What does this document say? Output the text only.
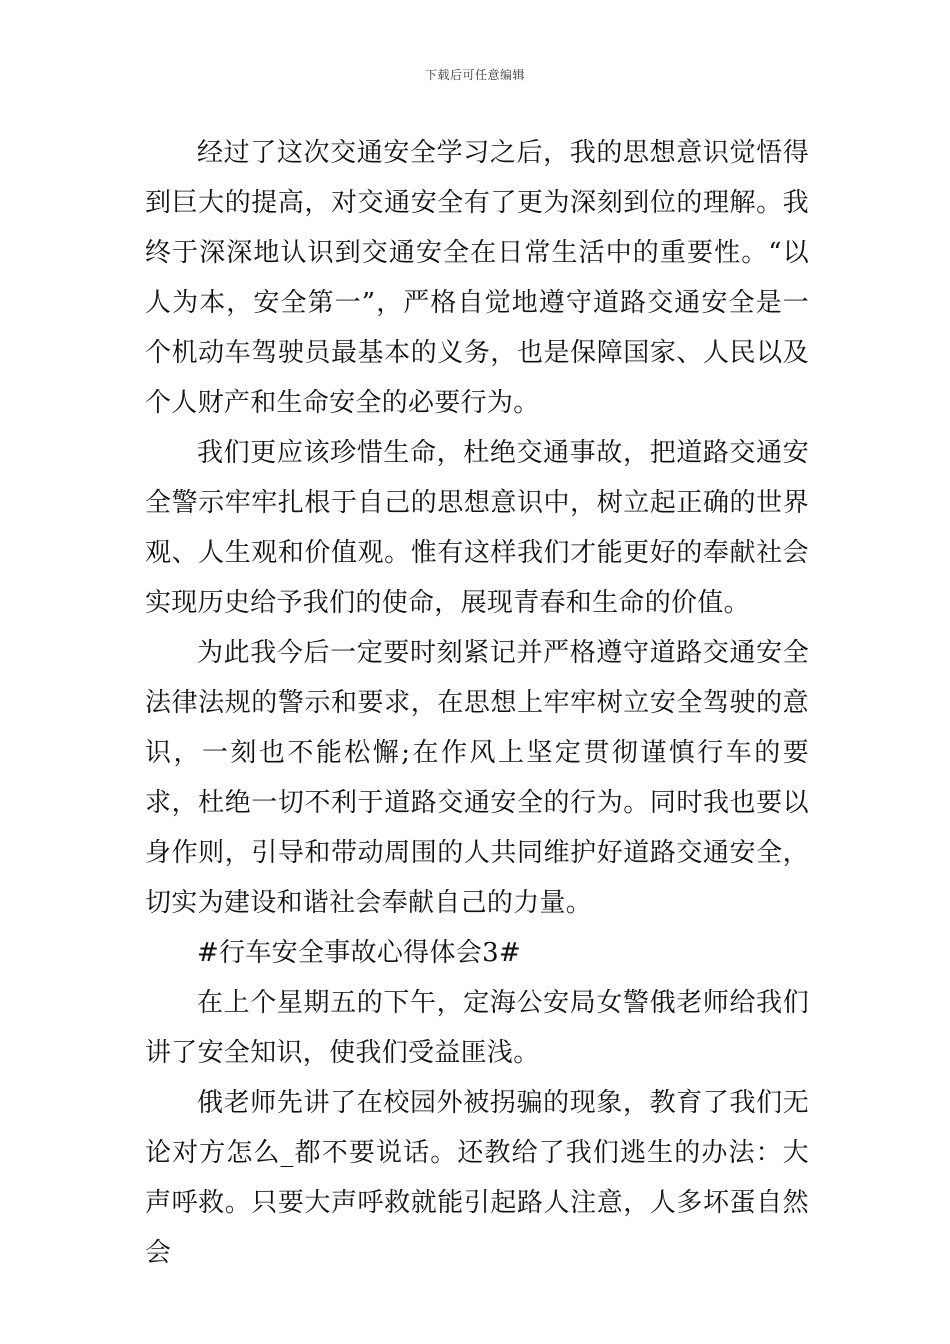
下载后可任意编辑

经过了这次交通安全学习之后，我的思想意识觉悟得到巨大的提高，对交通安全有了更为深刻到位的理解。我终于深深地认识到交通安全在日常生活中的重要性。“以人为本，安全第一”，严格自觉地遵守道路交通安全是一个机动车驾驶员最基本的义务，也是保障国家、人民以及个人财产和生命安全的必要行为。

我们更应该珍惜生命，杜绝交通事故，把道路交通安全警示牢牢扎根于自己的思想意识中，树立起正确的世界观、人生观和价值观。惟有这样我们才能更好的奉献社会实现历史给予我们的使命，展现青春和生命的价值。

为此我今后一定要时刻紧记并严格遵守道路交通安全法律法规的警示和要求，在思想上牢牢树立安全驾驶的意识，一刻也不能松懈;在作风上坚定贯彻谨慎行车的要求，杜绝一切不利于道路交通安全的行为。同时我也要以身作则，引导和带动周围的人共同维护好道路交通安全，切实为建设和谐社会奉献自己的力量。

#行车安全事故心得体会3#

在上个星期五的下午，定海公安局女警俄老师给我们讲了安全知识，使我们受益匪浅。

俄老师先讲了在校园外被拐骗的现象，教育了我们无论对方怎么_都不要说话。还教给了我们逃生的办法：大声呼救。只要大声呼救就能引起路人注意，人多坏蛋自然会
